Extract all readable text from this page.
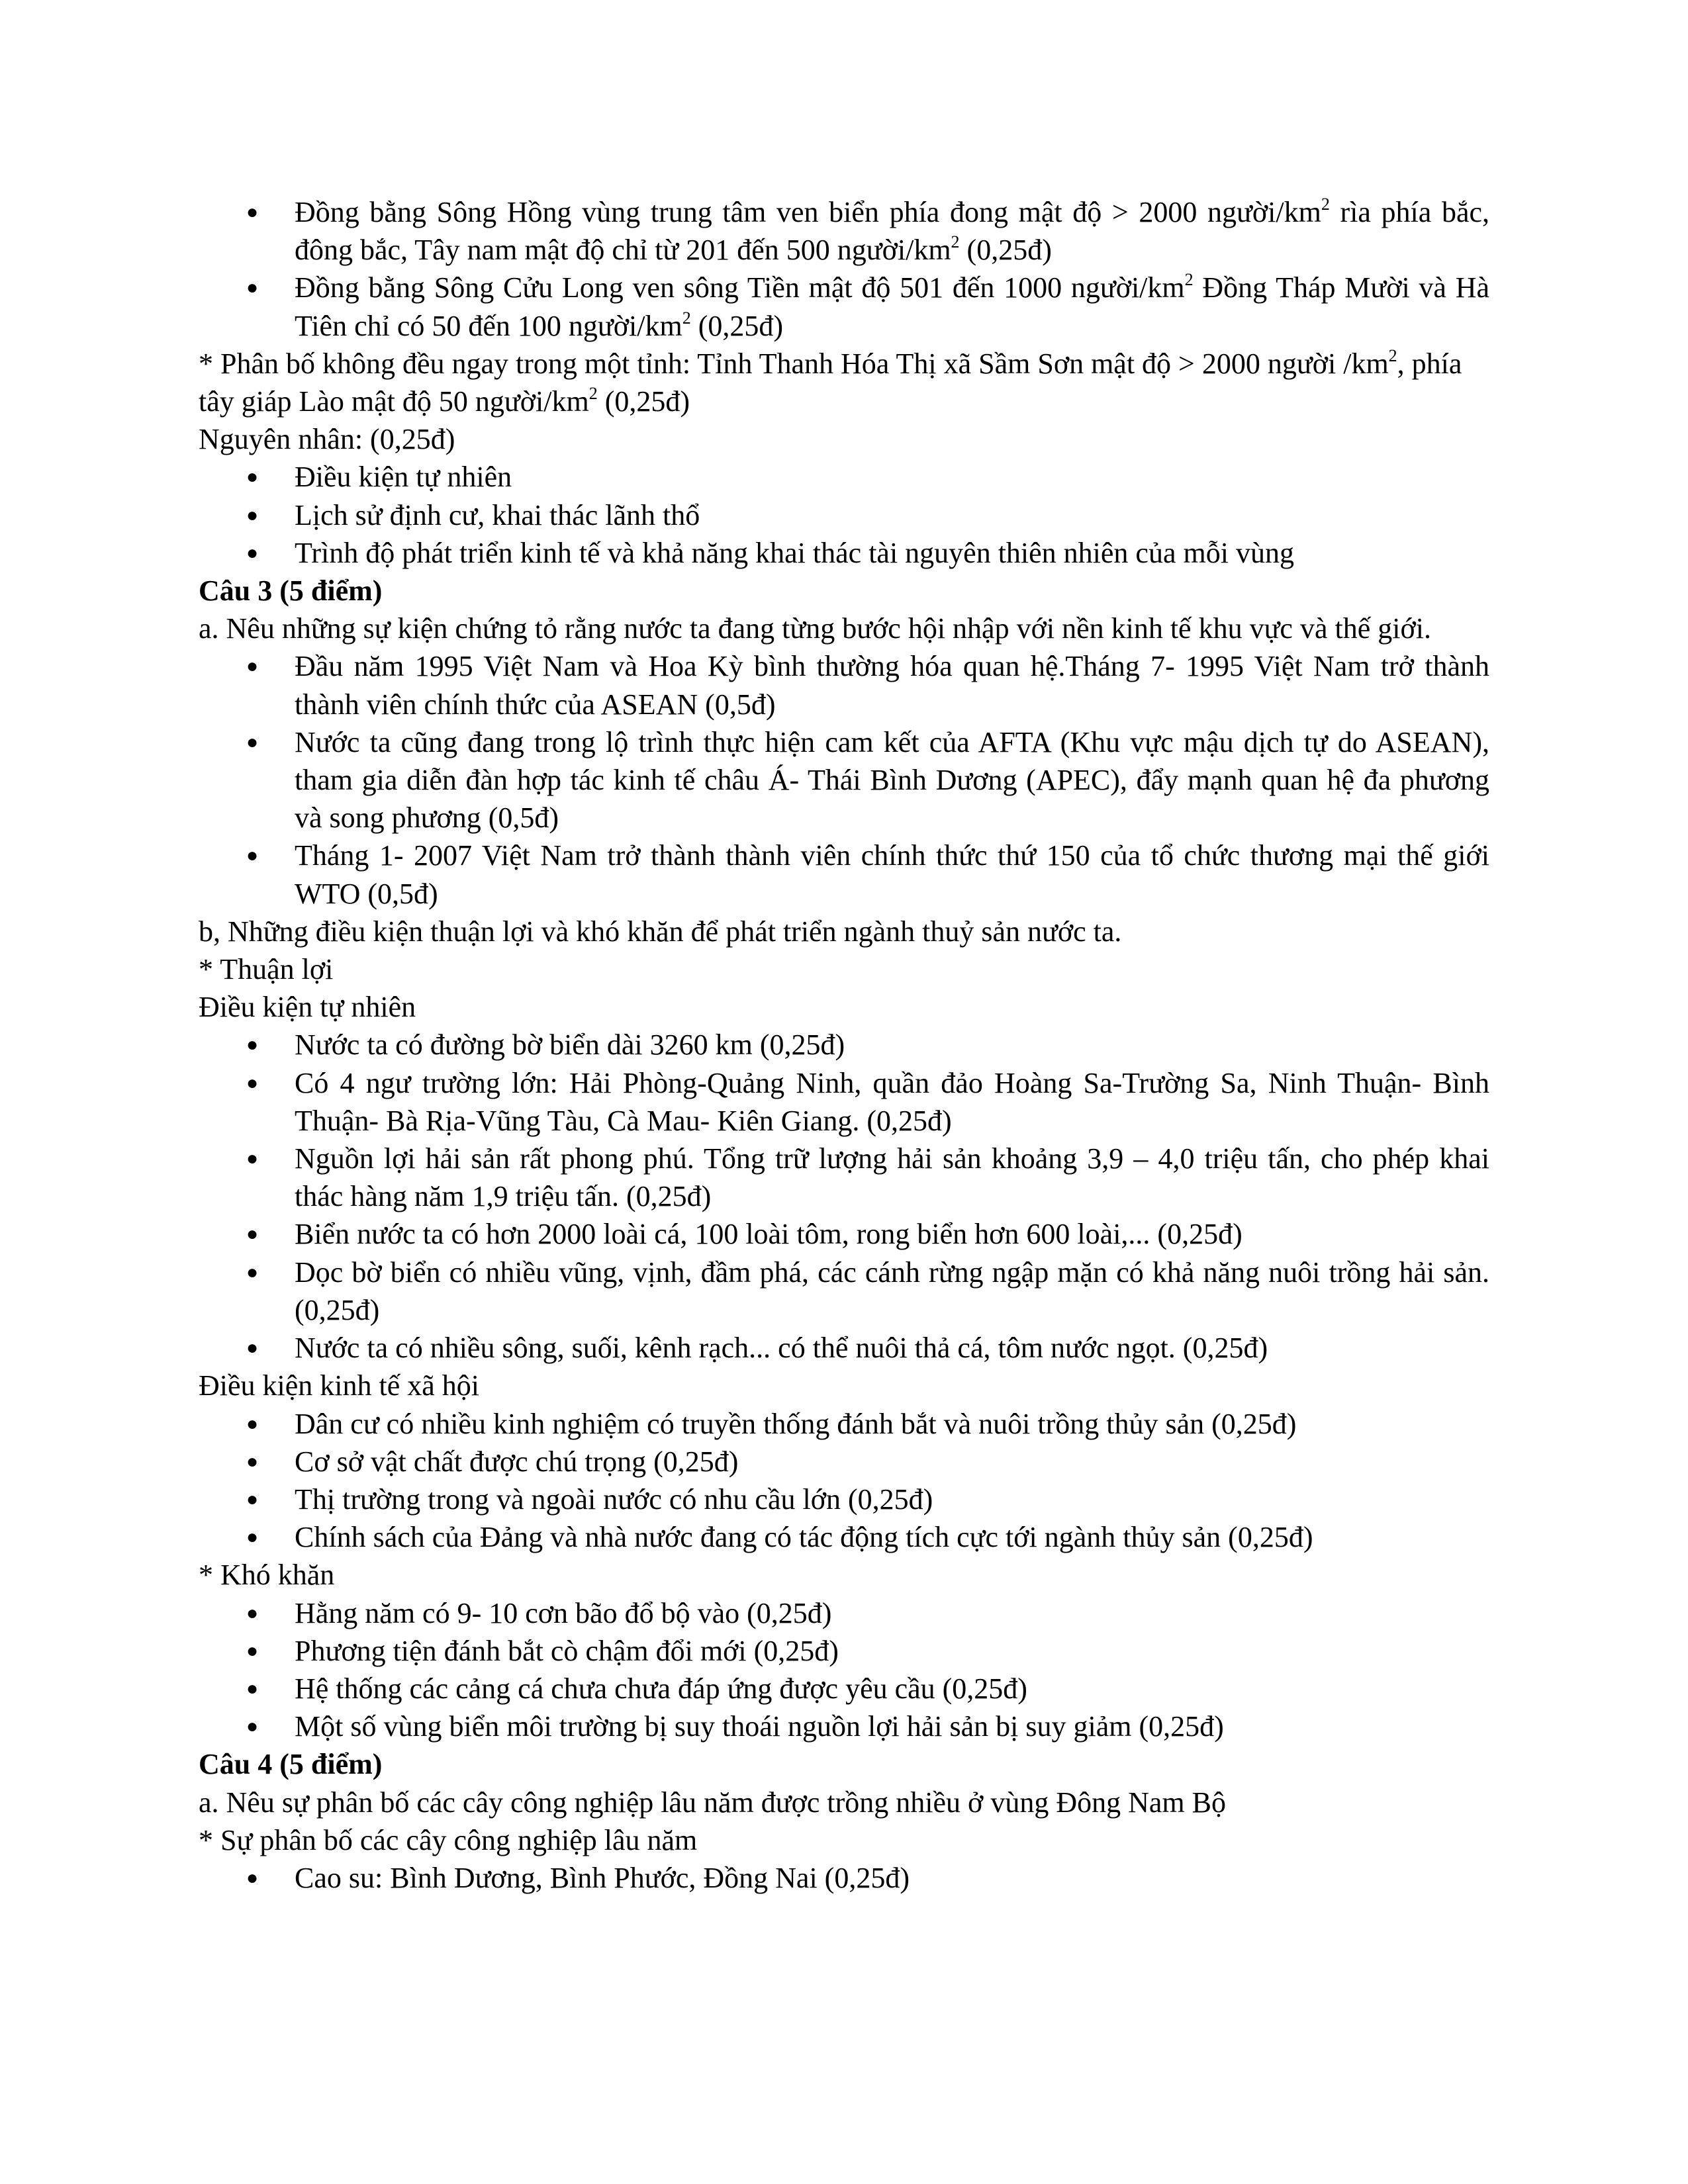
● Đồng bằng Sông Hồng vùng trung tâm ven biển phía đong mật độ > 2000 người/$km^2$ rìa phía bắc, đông bắc, Tây nam mật độ chỉ từ 201 đến 500 người/$km^2$ (0,25đ)
● Đồng bằng Sông Cửu Long ven sông Tiền mật độ 501 đến 1000 người/$km^2$ Đồng Tháp Mười và Hà Tiên chỉ có 50 đến 100 người/$km^2$ (0,25đ)

* Phân bố không đều ngay trong một tỉnh: Tỉnh Thanh Hóa Thị xã Sầm Sơn mật độ > 2000 người $/km^2$, phía tây giáp Lào mật độ 50 người/$km^2$ (0,25đ)

Nguyên nhân: (0,25đ)

● Điều kiện tự nhiên
● Lịch sử định cư, khai thác lãnh thổ
● Trình độ phát triển kinh tế và khả năng khai thác tài nguyên thiên nhiên của mỗi vùng

Câu 3 (5 điểm)

a. Nêu những sự kiện chứng tỏ rằng nước ta đang từng bước hội nhập với nền kinh tế khu vực và thế giới.

● Đầu năm 1995 Việt Nam và Hoa Kỳ bình thường hóa quan hệ.Tháng 7- 1995 Việt Nam trở thành thành viên chính thức của ASEAN (0,5đ)
● Nước ta cũng đang trong lộ trình thực hiện cam kết của AFTA (Khu vực mậu dịch tự do ASEAN), tham gia diễn đàn hợp tác kinh tế châu Á- Thái Bình Dương (APEC), đẩy mạnh quan hệ đa phương và song phương (0,5đ)
● Tháng 1- 2007 Việt Nam trở thành thành viên chính thức thứ 150 của tổ chức thương mại thế giới WTO (0,5đ)

b, Những điều kiện thuận lợi và khó khăn để phát triển ngành thuỷ sản nước ta.

* Thuận lợi

Điều kiện tự nhiên

● Nước ta có đường bờ biển dài 3260 km (0,25đ)
● Có 4 ngư trường lớn: Hải Phòng-Quảng Ninh, quần đảo Hoàng Sa-Trường Sa, Ninh Thuận- Bình Thuận- Bà Rịa-Vũng Tàu, Cà Mau- Kiên Giang. (0,25đ)
● Nguồn lợi hải sản rất phong phú. Tổng trữ lượng hải sản khoảng 3,9 – 4,0 triệu tấn, cho phép khai thác hàng năm 1,9 triệu tấn. (0,25đ)
● Biển nước ta có hơn 2000 loài cá, 100 loài tôm, rong biển hơn 600 loài,... (0,25đ)
● Dọc bờ biển có nhiều vũng, vịnh, đầm phá, các cánh rừng ngập mặn có khả năng nuôi trồng hải sản. (0,25đ)
● Nước ta có nhiều sông, suối, kênh rạch... có thể nuôi thả cá, tôm nước ngọt. (0,25đ)

Điều kiện kinh tế xã hội

● Dân cư có nhiều kinh nghiệm có truyền thống đánh bắt và nuôi trồng thủy sản (0,25đ)
● Cơ sở vật chất được chú trọng (0,25đ)
● Thị trường trong và ngoài nước có nhu cầu lớn (0,25đ)
● Chính sách của Đảng và nhà nước đang có tác động tích cực tới ngành thủy sản (0,25đ)

* Khó khăn

● Hằng năm có 9- 10 cơn bão đổ bộ vào (0,25đ)
● Phương tiện đánh bắt cò chậm đổi mới (0,25đ)
● Hệ thống các cảng cá chưa chưa đáp ứng được yêu cầu (0,25đ)
● Một số vùng biển môi trường bị suy thoái nguồn lợi hải sản bị suy giảm (0,25đ)

Câu 4 (5 điểm)

a. Nêu sự phân bố các cây công nghiệp lâu năm được trồng nhiều ở vùng Đông Nam Bộ

* Sự phân bố các cây công nghiệp lâu năm

● Cao su: Bình Dương, Bình Phước, Đồng Nai (0,25đ)
